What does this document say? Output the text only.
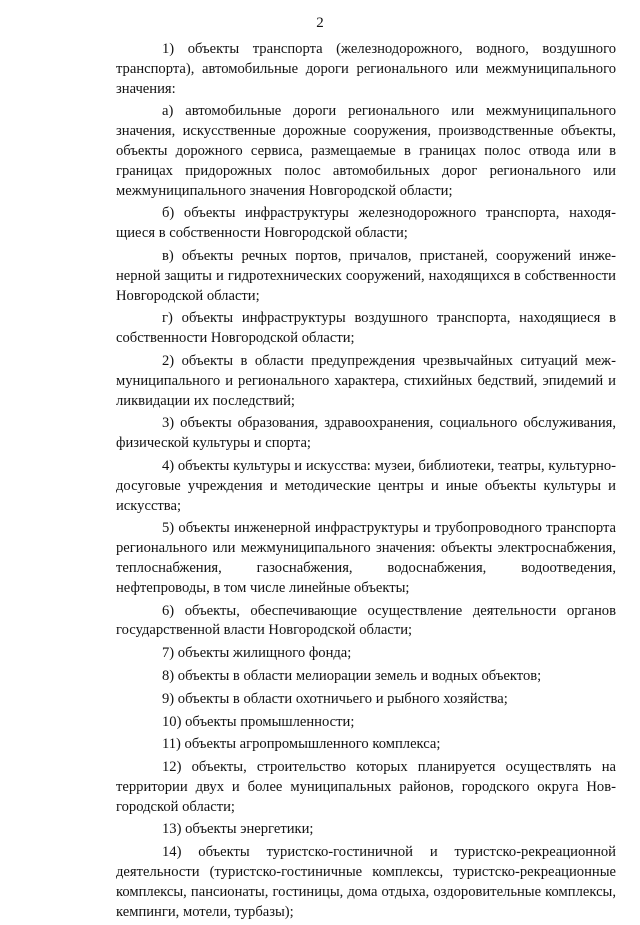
2

1) объекты транспорта (железнодорожного, водного, воздушного транспорта), автомобильные дороги регионального или межмуниципального значения:

а) автомобильные дороги регионального или межмуниципального значения, искусственные дорожные сооружения, производственные объекты, объекты дорожного сервиса, размещаемые в границах полос отвода или в границах придорожных полос автомобильных дорог регионального или межмуниципального значения Новгородской области;

б) объекты инфраструктуры железнодорожного транспорта, находящиеся в собственности Новгородской области;

в) объекты речных портов, причалов, пристаней, сооружений инженерной защиты и гидротехнических сооружений, находящихся в собственности Новгородской области;

г) объекты инфраструктуры воздушного транспорта, находящиеся в собственности Новгородской области;

2) объекты в области предупреждения чрезвычайных ситуаций межмуниципального и регионального характера, стихийных бедствий, эпидемий и ликвидации их последствий;

3) объекты образования, здравоохранения, социального обслуживания, физической культуры и спорта;

4) объекты культуры и искусства: музеи, библиотеки, театры, культурно-досуговые учреждения и методические центры и иные объекты культуры и искусства;

5) объекты инженерной инфраструктуры и трубопроводного транспорта регионального или межмуниципального значения: объекты электроснабжения, теплоснабжения, газоснабжения, водоснабжения, водоотведения, нефтепроводы, в том числе линейные объекты;

6) объекты, обеспечивающие осуществление деятельности органов государственной власти Новгородской области;

7) объекты жилищного фонда;

8) объекты в области мелиорации земель и водных объектов;

9) объекты в области охотничьего и рыбного хозяйства;

10) объекты промышленности;

11) объекты агропромышленного комплекса;

12) объекты, строительство которых планируется осуществлять на территории двух и более муниципальных районов, городского округа Новгородской области;

13) объекты энергетики;

14) объекты туристско-гостиничной и туристско-рекреационной деятельности (туристско-гостиничные комплексы, туристско-рекреационные комплексы, пансионаты, гостиницы, дома отдыха, оздоровительные комплексы, кемпинги, мотели, турбазы);
